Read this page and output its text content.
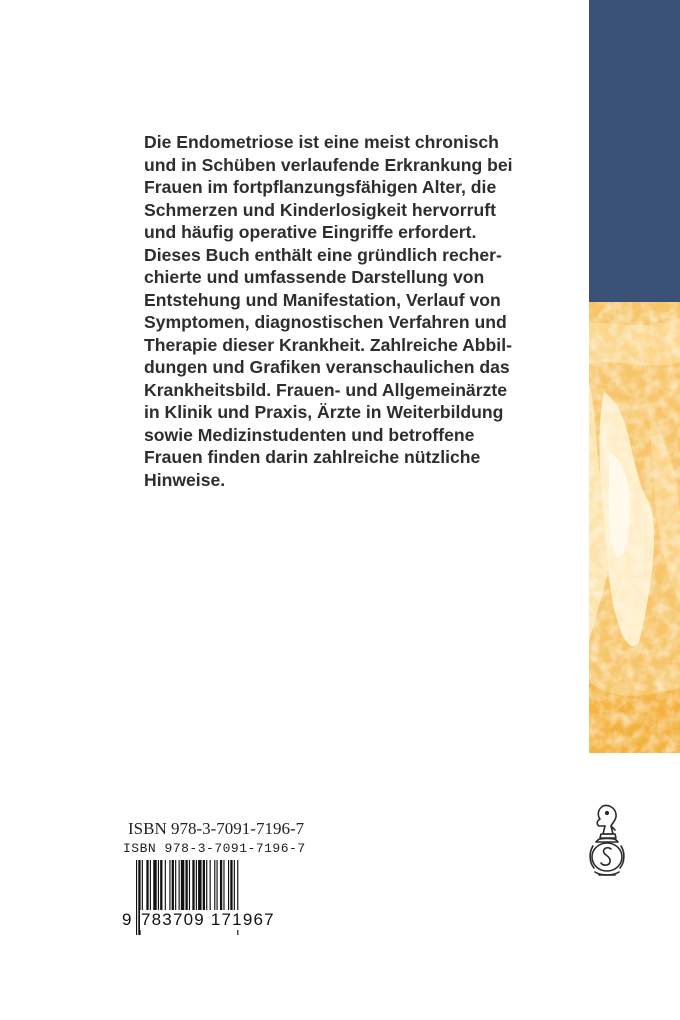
Die Endometriose ist eine meist chronisch
und in Schüben verlaufende Erkrankung bei
Frauen im fortpflanzungsfähigen Alter, die
Schmerzen und Kinderlosigkeit hervorruft
und häufig operative Eingriffe erfordert.
Dieses Buch enthält eine gründlich recher-
chierte und umfassende Darstellung von
Entstehung und Manifestation, Verlauf von
Symptomen, diagnostischen Verfahren und
Therapie dieser Krankheit. Zahlreiche Abbil-
dungen und Grafiken veranschaulichen das
Krankheitsbild. Frauen- und Allgemeinärzte
in Klinik und Praxis, Ärzte in Weiterbildung
sowie Medizinstudenten und betroffene
Frauen finden darin zahlreiche nützliche
Hinweise.
ISBN 978-3-7091-7196-7
ISBN 978-3-7091-7196-7
9 783709 171967
